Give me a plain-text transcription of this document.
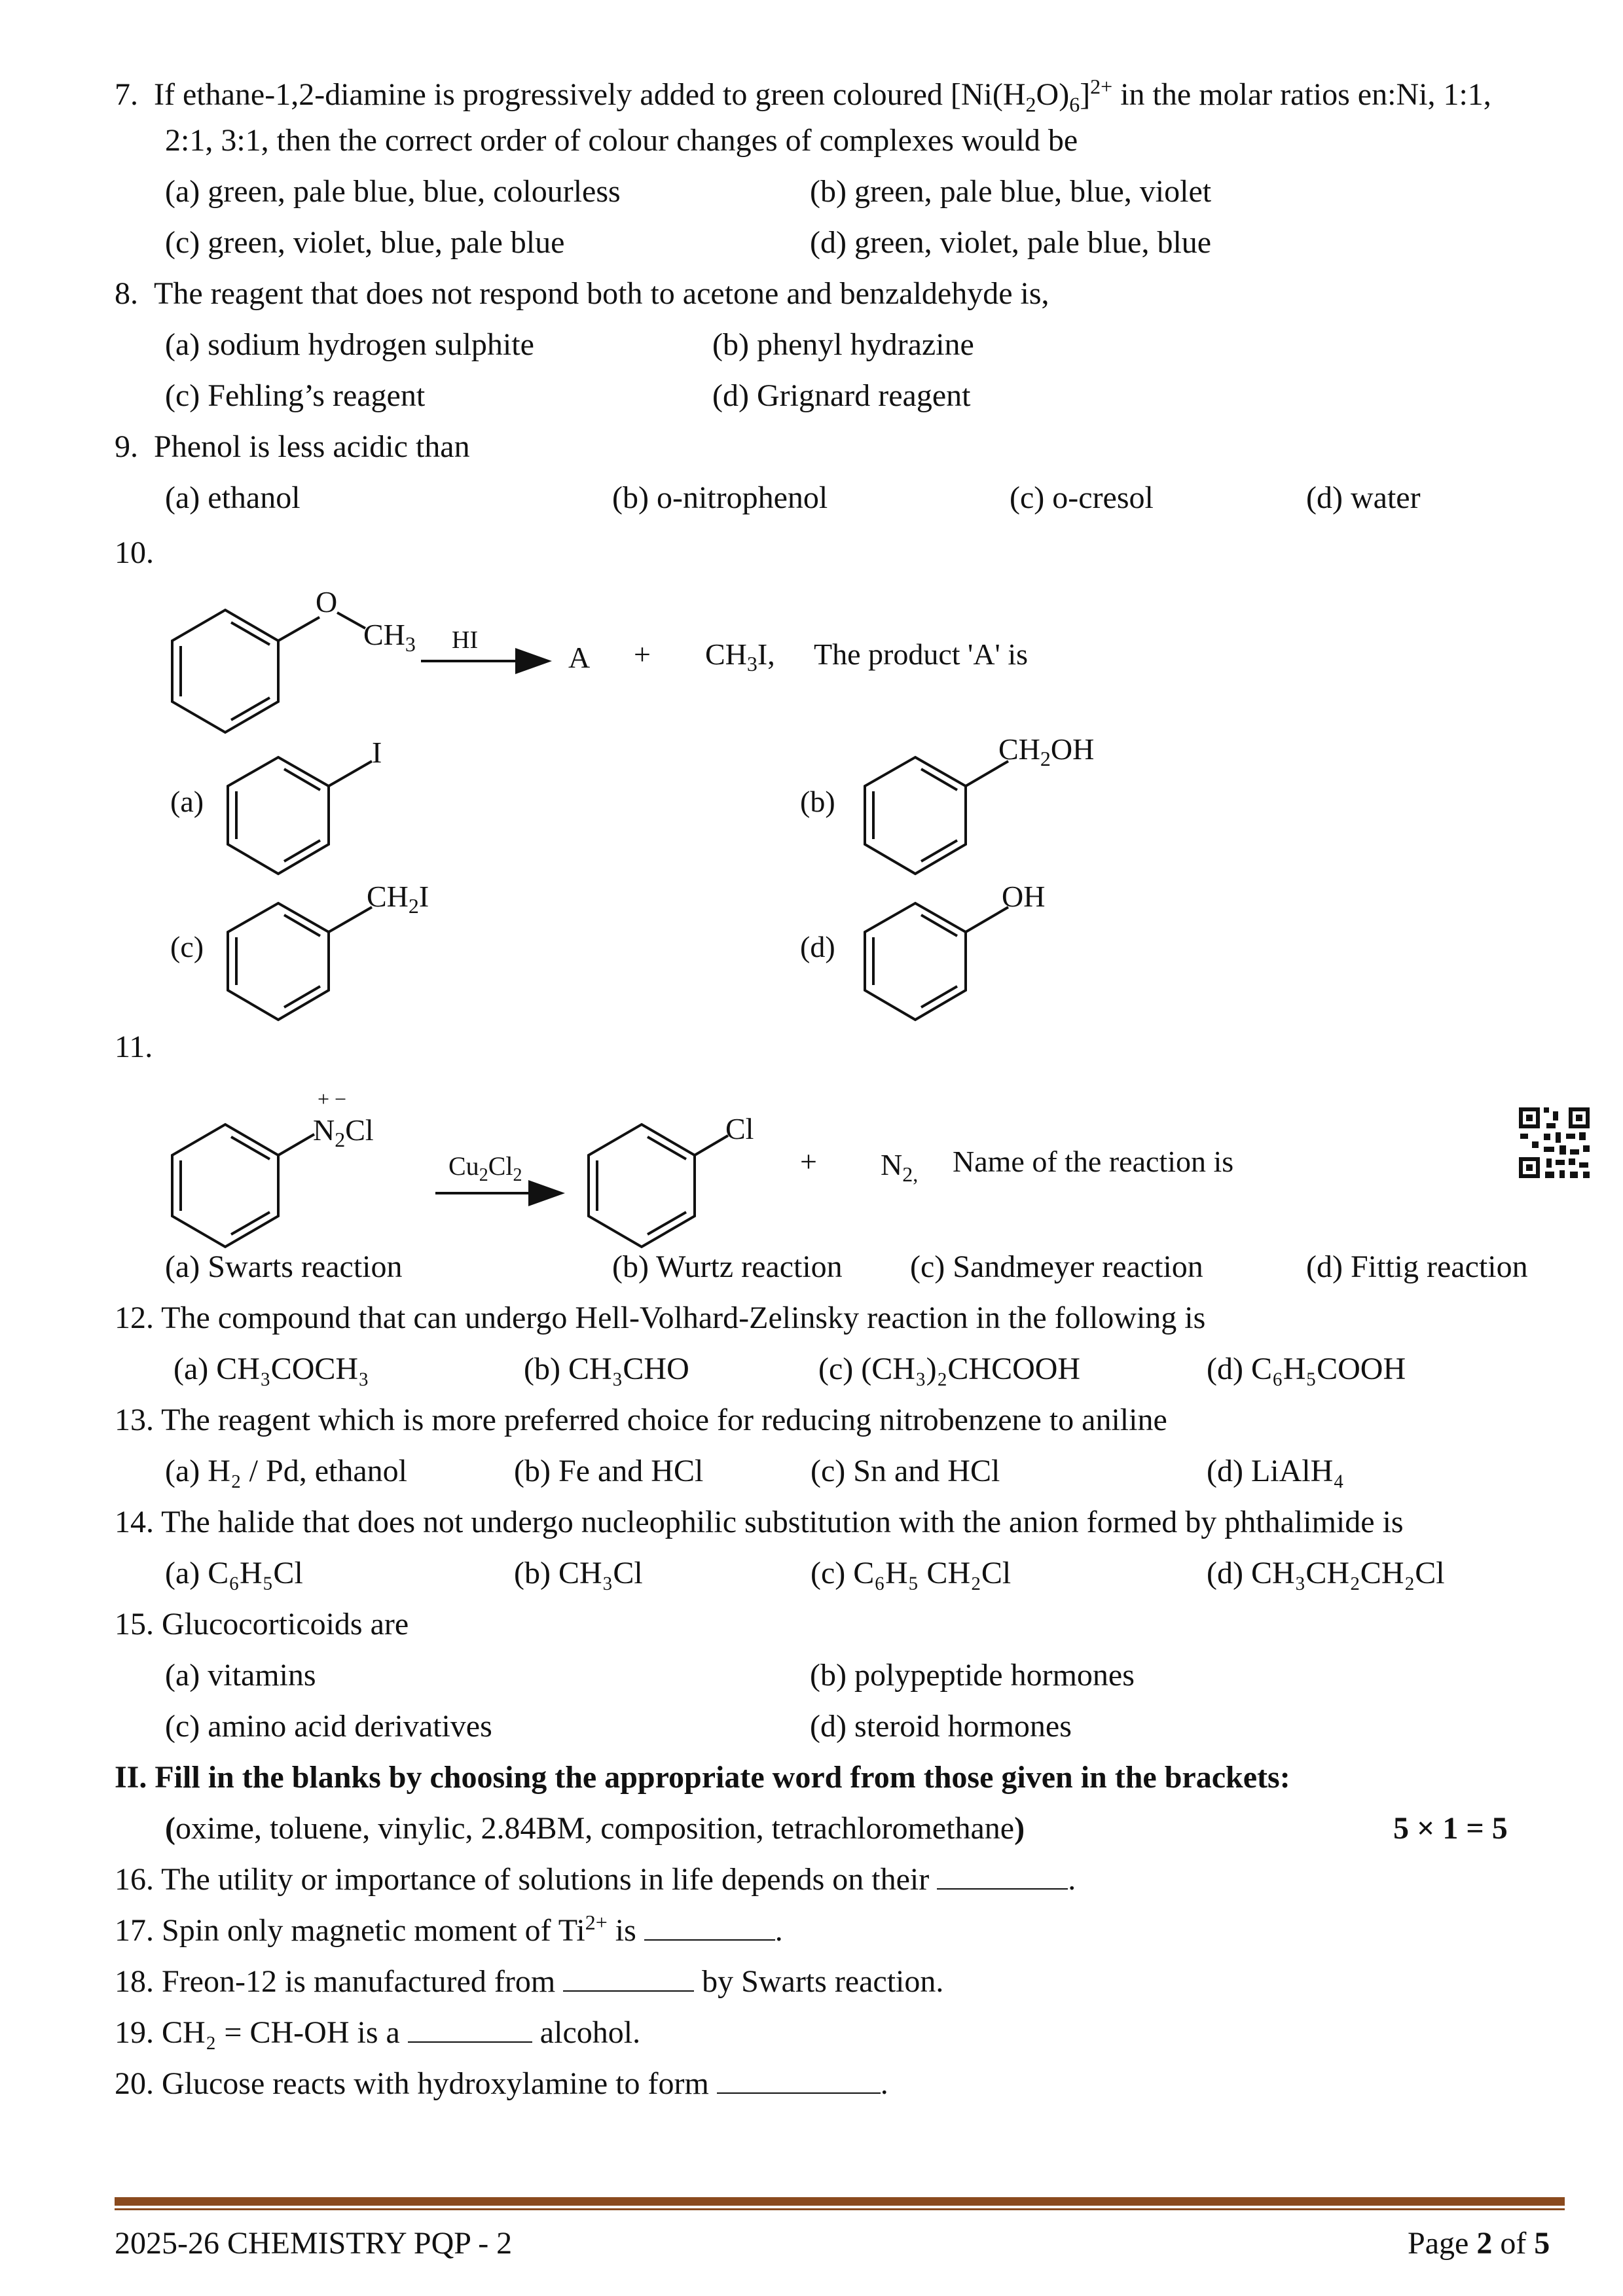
7. If ethane-1,2-diamine is progressively added to green coloured $[Ni(H_2O)_6]^{2+}$ in the molar ratios en:Ni, 1:1,
2:1, 3:1, then the correct order of colour changes of complexes would be
(a) green, pale blue, blue, colourless	(b) green, pale blue, blue, violet
(c) green, violet, blue, pale blue	(d) green, violet, pale blue, blue
8. The reagent that does not respond both to acetone and benzaldehyde is,
(a) sodium hydrogen sulphite	(b) phenyl hydrazine
(c) Fehling’s reagent	(d) Grignard reagent
9. Phenol is less acidic than
(a) ethanol	(b) o-nitrophenol	(c) o-cresol	(d) water
10.
O
$CH_3$ HI
$A + CH_3I$, The product 'A' is
(a)
I
(b)
$CH_2OH$
(c)
$CH_2I$
(d)
OH
+ −
$N_2Cl$
$Cu_2Cl_2$
Cl
+ $N_{2,}$ Name of the reaction is
11.
(a) Swarts reaction	(b) Wurtz reaction (c) Sandmeyer reaction	(d) Fittig reaction
12. The compound that can undergo Hell-Volhard-Zelinsky reaction in the following is
(a) CH₃COCH₃	(b) CH₃CHO	(c) (CH₃)₂CHCOOH	(d) C₆H₅COOH
13. The reagent which is more preferred choice for reducing nitrobenzene to aniline
(a) H₂ / Pd, ethanol	(b) Fe and HCl	(c) Sn and HCl	(d) LiAlH₄
14. The halide that does not undergo nucleophilic substitution with the anion formed by phthalimide is
(a) C₆H₅Cl	(b) CH₃Cl	(c) C₆H₅ CH₂Cl	(d) CH₃CH₂CH₂Cl
15. Glucocorticoids are
(a) vitamins	(b) polypeptide hormones
(c) amino acid derivatives	(d) steroid hormones
II. Fill in the blanks by choosing the appropriate word from those given in the brackets:
(oxime, toluene, vinylic, 2.84BM, composition, tetrachloromethane)	5 × 1 = 5
16. The utility or importance of solutions in life depends on their	.
17. Spin only magnetic moment of $Ti^{2+}$ is	.
18. Freon-12 is manufactured from	by Swarts reaction.
19. CH₂ = CH-OH is a	alcohol.
20. Glucose reacts with hydroxylamine to form	.
2025-26 CHEMISTRY PQP - 2	Page 2 of 5
